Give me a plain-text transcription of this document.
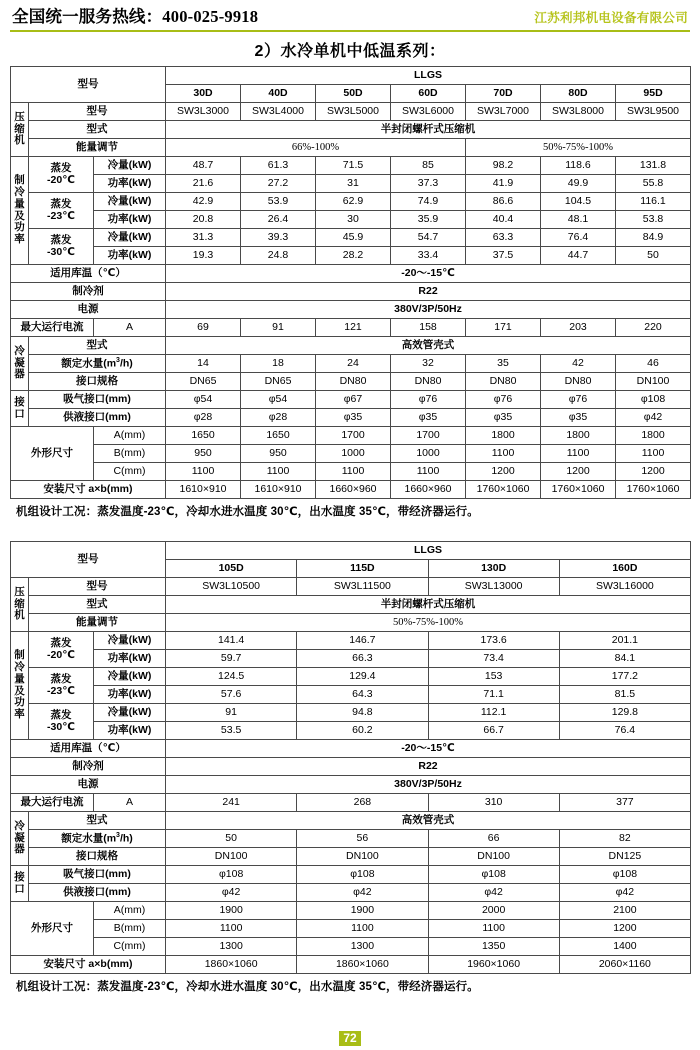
全国统一服务热线：400-025-9918	江苏利邦机电设备有限公司
2）水冷单机中低温系列：
型号			LLGS						
			30D	40D	50D	60D	70D	80D	95D

压
缩
机	型号		SW3L3000	SW3L4000	SW3L5000	SW3L6000	SW3L7000	SW3L8000	SW3L9500
	型式		半封闭螺杆式压缩机						
	能量调节		66%-100%				50%-75%-100%		

制
冷
量
及
功
率

蒸发
-20℃
	冷量(kW)	48.7	61.3	71.5	85	98.2	118.6	131.8
		功率(kW)	21.6	27.2	31	37.3	41.9	49.9	55.8

	蒸发
-23℃	冷量(kW)	42.9	53.9	62.9	74.9	86.6	104.5	116.1
		功率(kW)	20.8	26.4	30	35.9	40.4	48.1	53.8

	蒸发
-30℃	冷量(kW)	31.3	39.3	45.9	54.7	63.3	76.4	84.9
		功率(kW)	19.3	24.8	28.2	33.4	37.5	44.7	50
适用库温（℃）			-20～-15℃						
制冷剂			R22						
电源			380V/3P/50Hz						
最大运行电流		A	69	91	121	158	171	203	220

冷
凝
器	型式		高效管壳式						
	额定水量$(m^3/h)$		14	18	24	32	35	42	46
	接口规格		DN65	DN65	DN80	DN80	DN80	DN80	DN100

接
口	吸气接口(mm)		φ54	φ54	φ67	φ76	φ76	φ76	φ108
	供液接口(mm)		φ28	φ28	φ35	φ35	φ35	φ35	φ42
外形尺寸		A(mm)	1650	1650	1700	1700	1800	1800	1800
		B(mm)	950	950	1000	1000	1100	1100	1100
		C(mm)	1100	1100	1100	1100	1200	1200	1200
安装尺寸 a×b(mm)			1610×910	1610×910	1660×960	1660×960	1760×1060	1760×1060	1760×1060
机组设计工况：蒸发温度-23℃，冷却水进水温度 30℃，出水温度 35℃，带经济器运行。
型号			LLGS			
			105D	115D	130D	160D

压
缩
机	型号		SW3L10500	SW3L11500	SW3L13000	SW3L16000
	型式		半封闭螺杆式压缩机			
	能量调节		50%-75%-100%			

制
冷
量
及
功
率

蒸发
-20℃
	冷量(kW)	141.4	146.7	173.6	201.1
		功率(kW)	59.7	66.3	73.4	84.1

	蒸发
-23℃	冷量(kW)	124.5	129.4	153	177.2
		功率(kW)	57.6	64.3	71.1	81.5

	蒸发
-30℃	冷量(kW)	91	94.8	112.1	129.8
		功率(kW)	53.5	60.2	66.7	76.4
适用库温（℃）			-20～-15℃			
制冷剂			R22			
电源			380V/3P/50Hz			
最大运行电流		A	241	268	310	377

冷
凝
器	型式		高效管壳式			
	额定水量$(m^3/h)$		50	56	66	82
	接口规格		DN100	DN100	DN100	DN125

接
口	吸气接口(mm)		φ108	φ108	φ108	φ108
	供液接口(mm)		φ42	φ42	φ42	φ42
外形尺寸		A(mm)	1900	1900	2000	2100
		B(mm)	1100	1100	1100	1200
		C(mm)	1300	1300	1350	1400
安装尺寸 a×b(mm)			1860×1060	1860×1060	1960×1060	2060×1160
机组设计工况：蒸发温度-23℃，冷却水进水温度 30℃，出水温度 35℃，带经济器运行。
72
